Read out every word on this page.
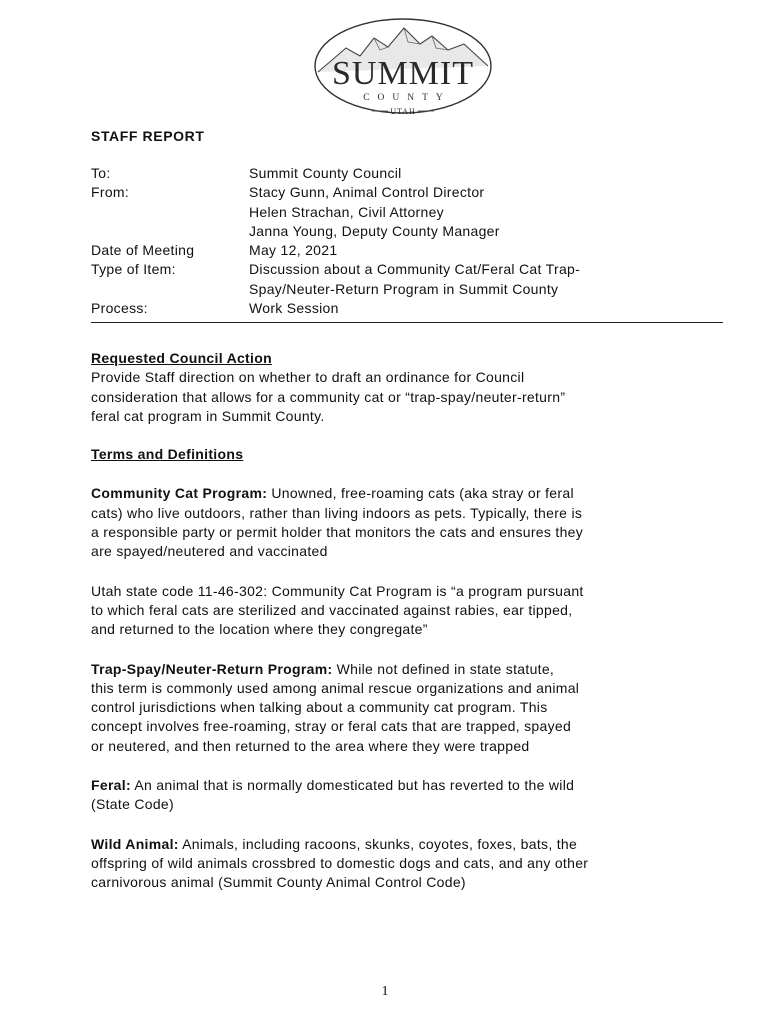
SUMMIT
COUNTY
UTAH
STAFF REPORT
To:	Summit County Council
From:	Stacy Gunn, Animal Control Director
Helen Strachan, Civil Attorney
Janna Young, Deputy County Manager
Date of Meeting	May 12, 2021
Type of Item:	Discussion about a Community Cat/Feral Cat Trap-
Spay/Neuter-Return Program in Summit County
Process:	Work Session

Requested Council Action

Provide Staff direction on whether to draft an ordinance for Council
consideration that allows for a community cat or “trap-spay/neuter-return”
feral cat program in Summit County.

Terms and Definitions

Community Cat Program: Unowned, free-roaming cats (aka stray or feral
cats) who live outdoors, rather than living indoors as pets. Typically, there is
a responsible party or permit holder that monitors the cats and ensures they
are spayed/neutered and vaccinated

Utah state code 11-46-302: Community Cat Program is “a program pursuant
to which feral cats are sterilized and vaccinated against rabies, ear tipped,
and returned to the location where they congregate”

Trap-Spay/Neuter-Return Program: While not defined in state statute,
this term is commonly used among animal rescue organizations and animal
control jurisdictions when talking about a community cat program. This
concept involves free-roaming, stray or feral cats that are trapped, spayed
or neutered, and then returned to the area where they were trapped

Feral: An animal that is normally domesticated but has reverted to the wild
(State Code)

Wild Animal: Animals, including racoons, skunks, coyotes, foxes, bats, the
offspring of wild animals crossbred to domestic dogs and cats, and any other
carnivorous animal (Summit County Animal Control Code)

1
